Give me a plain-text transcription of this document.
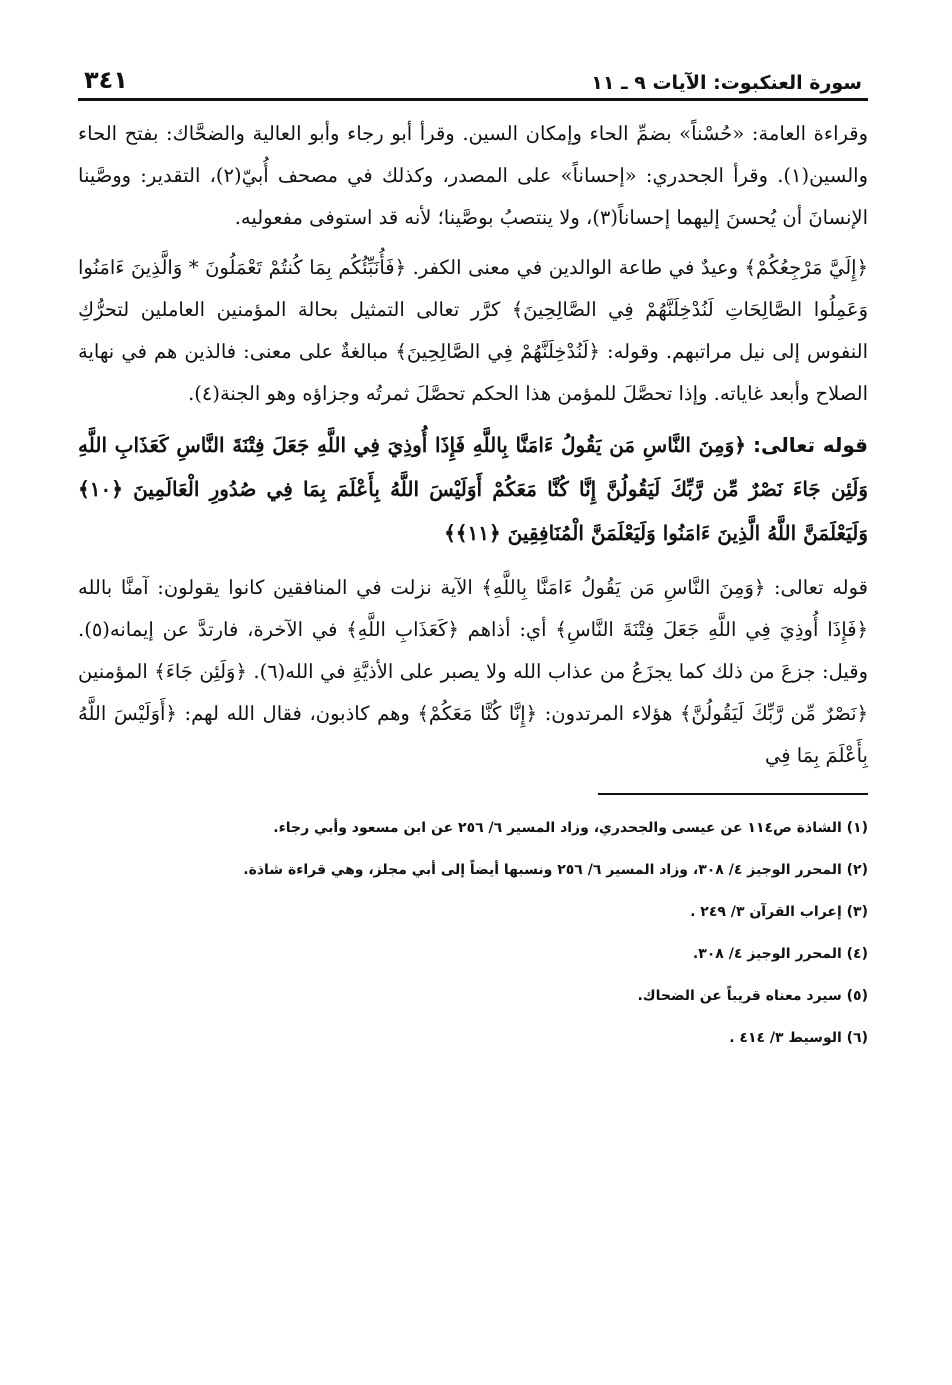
سورة العنكبوت: الآيات ٩ ـ ١١
٣٤١

وقراءة العامة: «حُسْناً» بضمِّ الحاء وإمكان السين. وقرأ أبو رجاء وأبو العالية والضحَّاك: بفتح الحاء والسين(١). وقرأ الجحدري: «إحساناً» على المصدر، وكذلك في مصحف أُبيّ(٢)، التقدير: ووصَّينا الإنسانَ أن يُحسنَ إليهما إحساناً(٣)، ولا ينتصبُ بوصَّينا؛ لأنه قد استوفى مفعوليه.

﴿إِلَيَّ مَرْجِعُكُمْ﴾ وعيدٌ في طاعة الوالدين في معنى الكفر. ﴿فَأُنَبِّئُكُم بِمَا كُنتُمْ تَعْمَلُونَ * وَالَّذِينَ ءَامَنُوا وَعَمِلُوا الصَّالِحَاتِ لَنُدْخِلَنَّهُمْ فِي الصَّالِحِينَ﴾ كرَّر تعالى التمثيل بحالة المؤمنين العاملين لتحرُّكِ النفوس إلى نيل مراتبهم. وقوله: ﴿لَنُدْخِلَنَّهُمْ فِي الصَّالِحِينَ﴾ مبالغةٌ على معنى: فالذين هم في نهاية الصلاح وأبعد غاياته. وإذا تحصَّلَ للمؤمن هذا الحكم تحصَّلَ ثمرتُه وجزاؤه وهو الجنة(٤).

قوله تعالى: ﴿وَمِنَ النَّاسِ مَن يَقُولُ ءَامَنَّا بِاللَّهِ فَإِذَا أُوذِيَ فِي اللَّهِ جَعَلَ فِتْنَةَ النَّاسِ كَعَذَابِ اللَّهِ وَلَئِن جَاءَ نَصْرٌ مِّن رَّبِّكَ لَيَقُولُنَّ إِنَّا كُنَّا مَعَكُمْ أَوَلَيْسَ اللَّهُ بِأَعْلَمَ بِمَا فِي صُدُورِ الْعَالَمِينَ ﴿١٠﴾ وَلَيَعْلَمَنَّ اللَّهُ الَّذِينَ ءَامَنُوا وَلَيَعْلَمَنَّ الْمُنَافِقِينَ ﴿١١﴾﴾

قوله تعالى: ﴿وَمِنَ النَّاسِ مَن يَقُولُ ءَامَنَّا بِاللَّهِ﴾ الآية نزلت في المنافقين كانوا يقولون: آمنَّا بالله ﴿فَإِذَا أُوذِيَ فِي اللَّهِ جَعَلَ فِتْنَةَ النَّاسِ﴾ أي: أذاهم ﴿كَعَذَابِ اللَّهِ﴾ في الآخرة، فارتدَّ عن إيمانه(٥). وقيل: جزعَ من ذلك كما يجزَعُ من عذاب الله ولا يصبر على الأذيَّةِ في الله(٦). ﴿وَلَئِن جَاءَ﴾ المؤمنين ﴿نَصْرٌ مِّن رَّبِّكَ لَيَقُولُنَّ﴾ هؤلاء المرتدون: ﴿إِنَّا كُنَّا مَعَكُمْ﴾ وهم كاذبون، فقال الله لهم: ﴿أَوَلَيْسَ اللَّهُ بِأَعْلَمَ بِمَا فِي

(١) الشاذة ص١١٤ عن عيسى والجحدري، وزاد المسير ٦/ ٢٥٦ عن ابن مسعود وأبي رجاء.

(٢) المحرر الوجيز ٤/ ٣٠٨، وزاد المسير ٦/ ٢٥٦ ونسبها أيضاً إلى أبي مجلز، وهي قراءة شاذة.

(٣) إعراب القرآن ٣/ ٢٤٩ .

(٤) المحرر الوجيز ٤/ ٣٠٨.

(٥) سيرد معناه قريباً عن الضحاك.

(٦) الوسيط ٣/ ٤١٤ .
